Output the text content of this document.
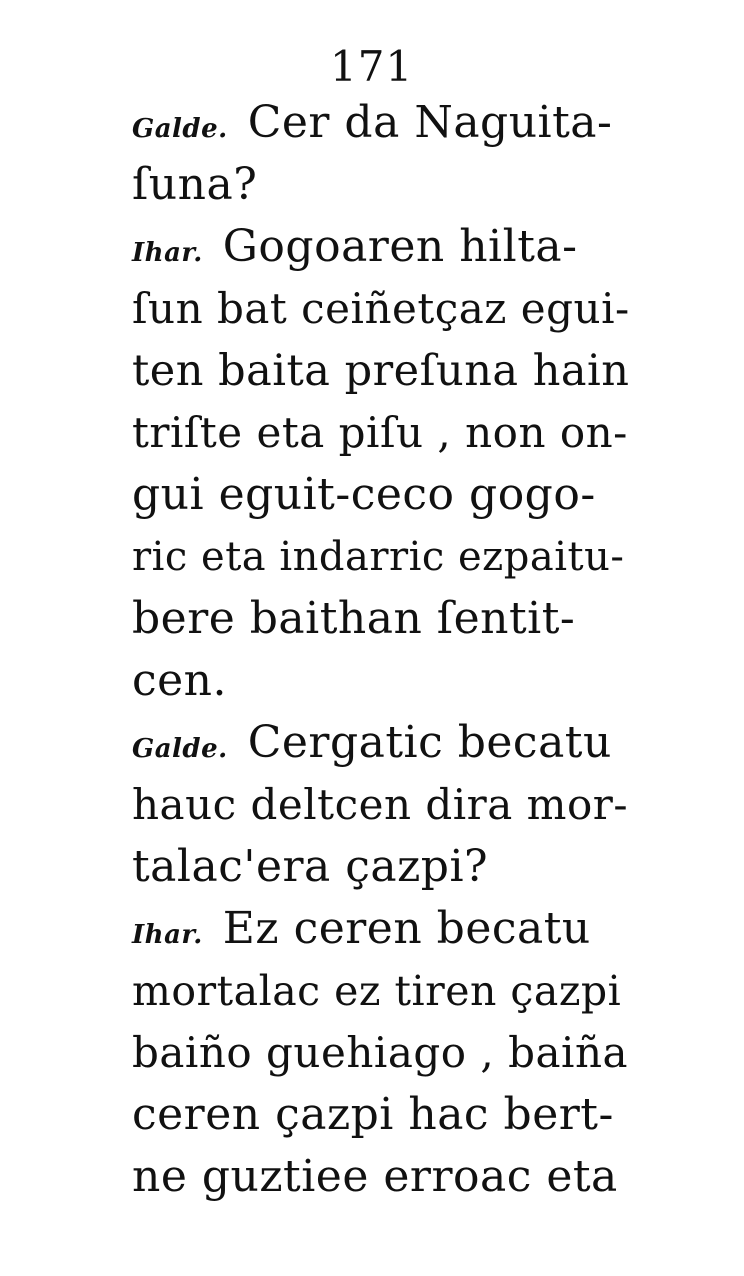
171
Galde. Cer da Naguita-
ſuna?
Ihar. Gogoaren hilta-
ſun bat ceiñetçaz egui-
ten baita preſuna hain
triſte eta piſu , non on-
gui eguit-ceco gogo-
ric eta indarric ezpaitu-
bere baithan ſentit-
cen.
Galde. Cergatic becatu
hauc deltcen dira mor-
talac'era çazpi?
Ihar. Ez ceren becatu
mortalac ez tiren çazpi
baiño guehiago , baiña
ceren çazpi hac bert-
ne guztiee erroac eta
